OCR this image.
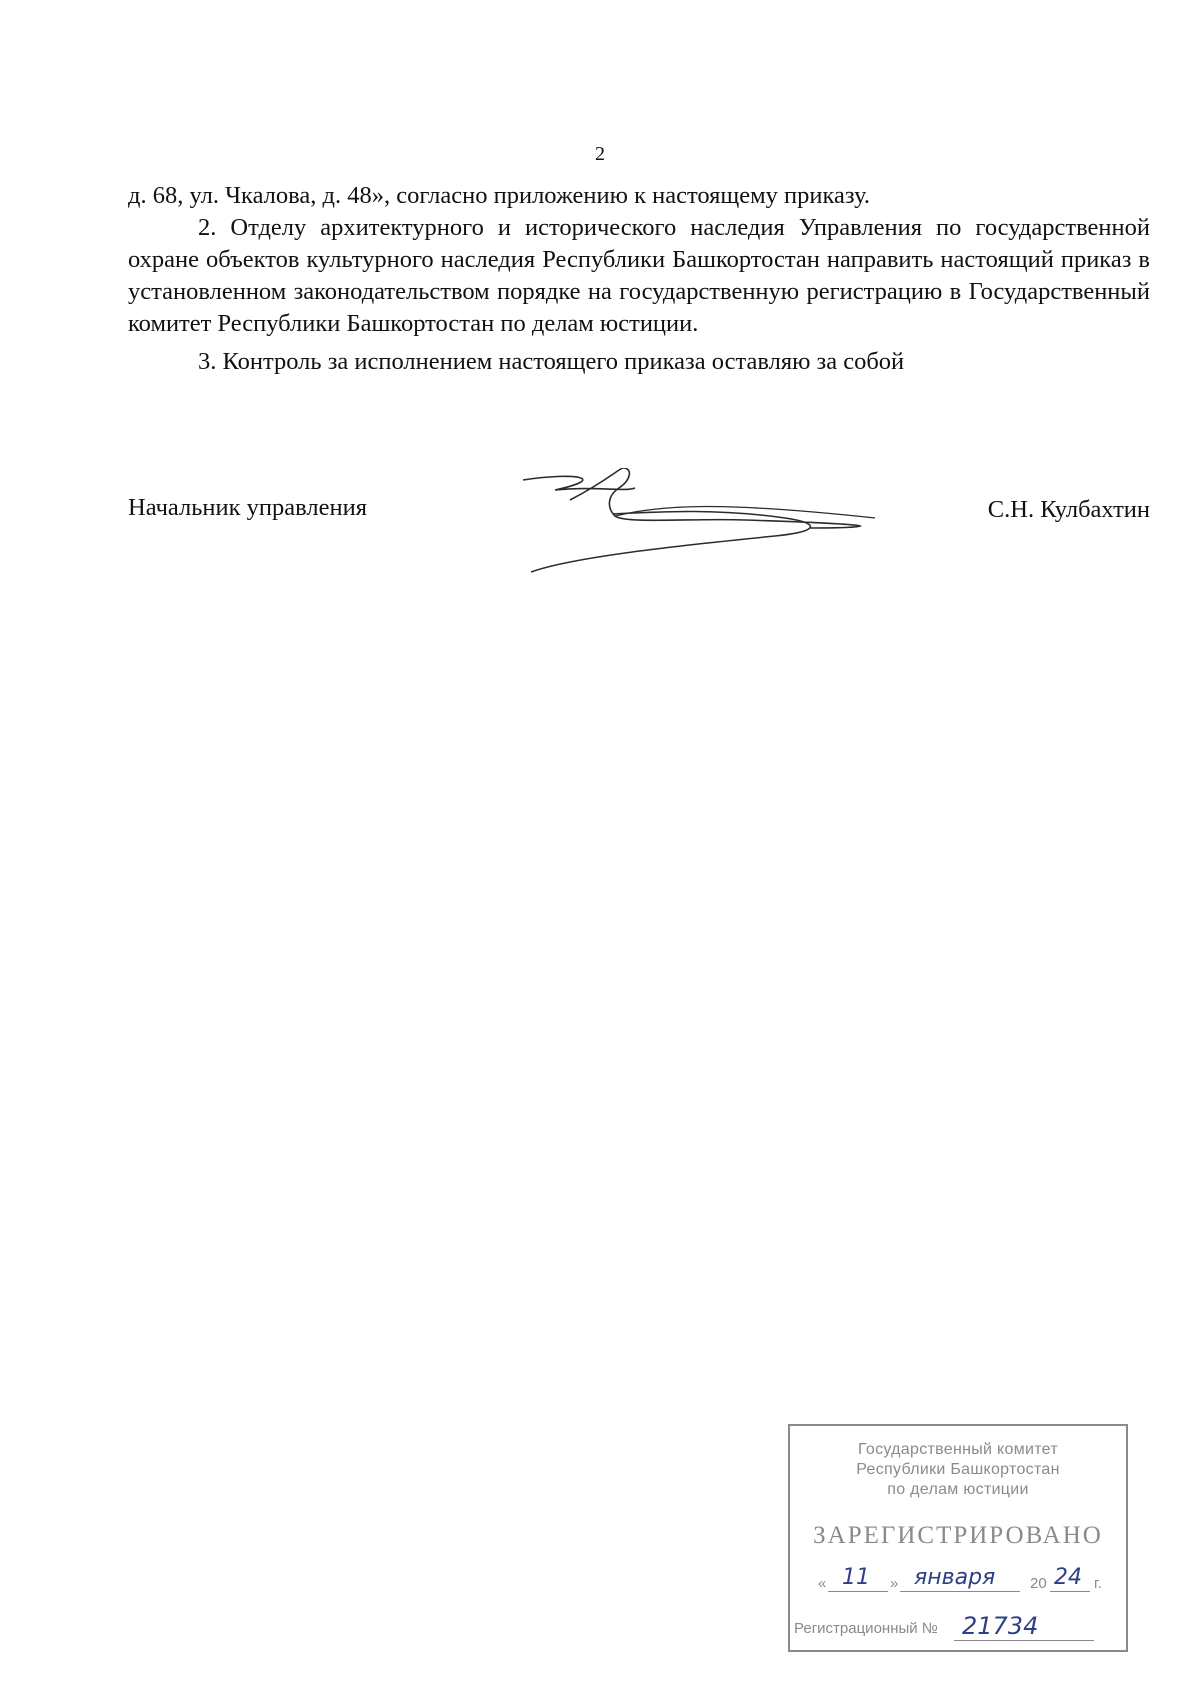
2

д. 68, ул. Чкалова, д. 48», согласно приложению к настоящему приказу.

2. Отделу архитектурного и исторического наследия Управления по государственной охране объектов культурного наследия Республики Башкортостан направить настоящий приказ в установленном законодательством порядке на государственную регистрацию в Государственный комитет Республики Башкортостан по делам юстиции.

3. Контроль за исполнением настоящего приказа оставляю за собой

Начальник управления	С.Н. Кулбахтин
Государственный комитет
Республики Башкортостан
по делам юстиции
ЗАРЕГИСТРИРОВАНО
« 11 » января 20 24 г.
Регистрационный № 21734
